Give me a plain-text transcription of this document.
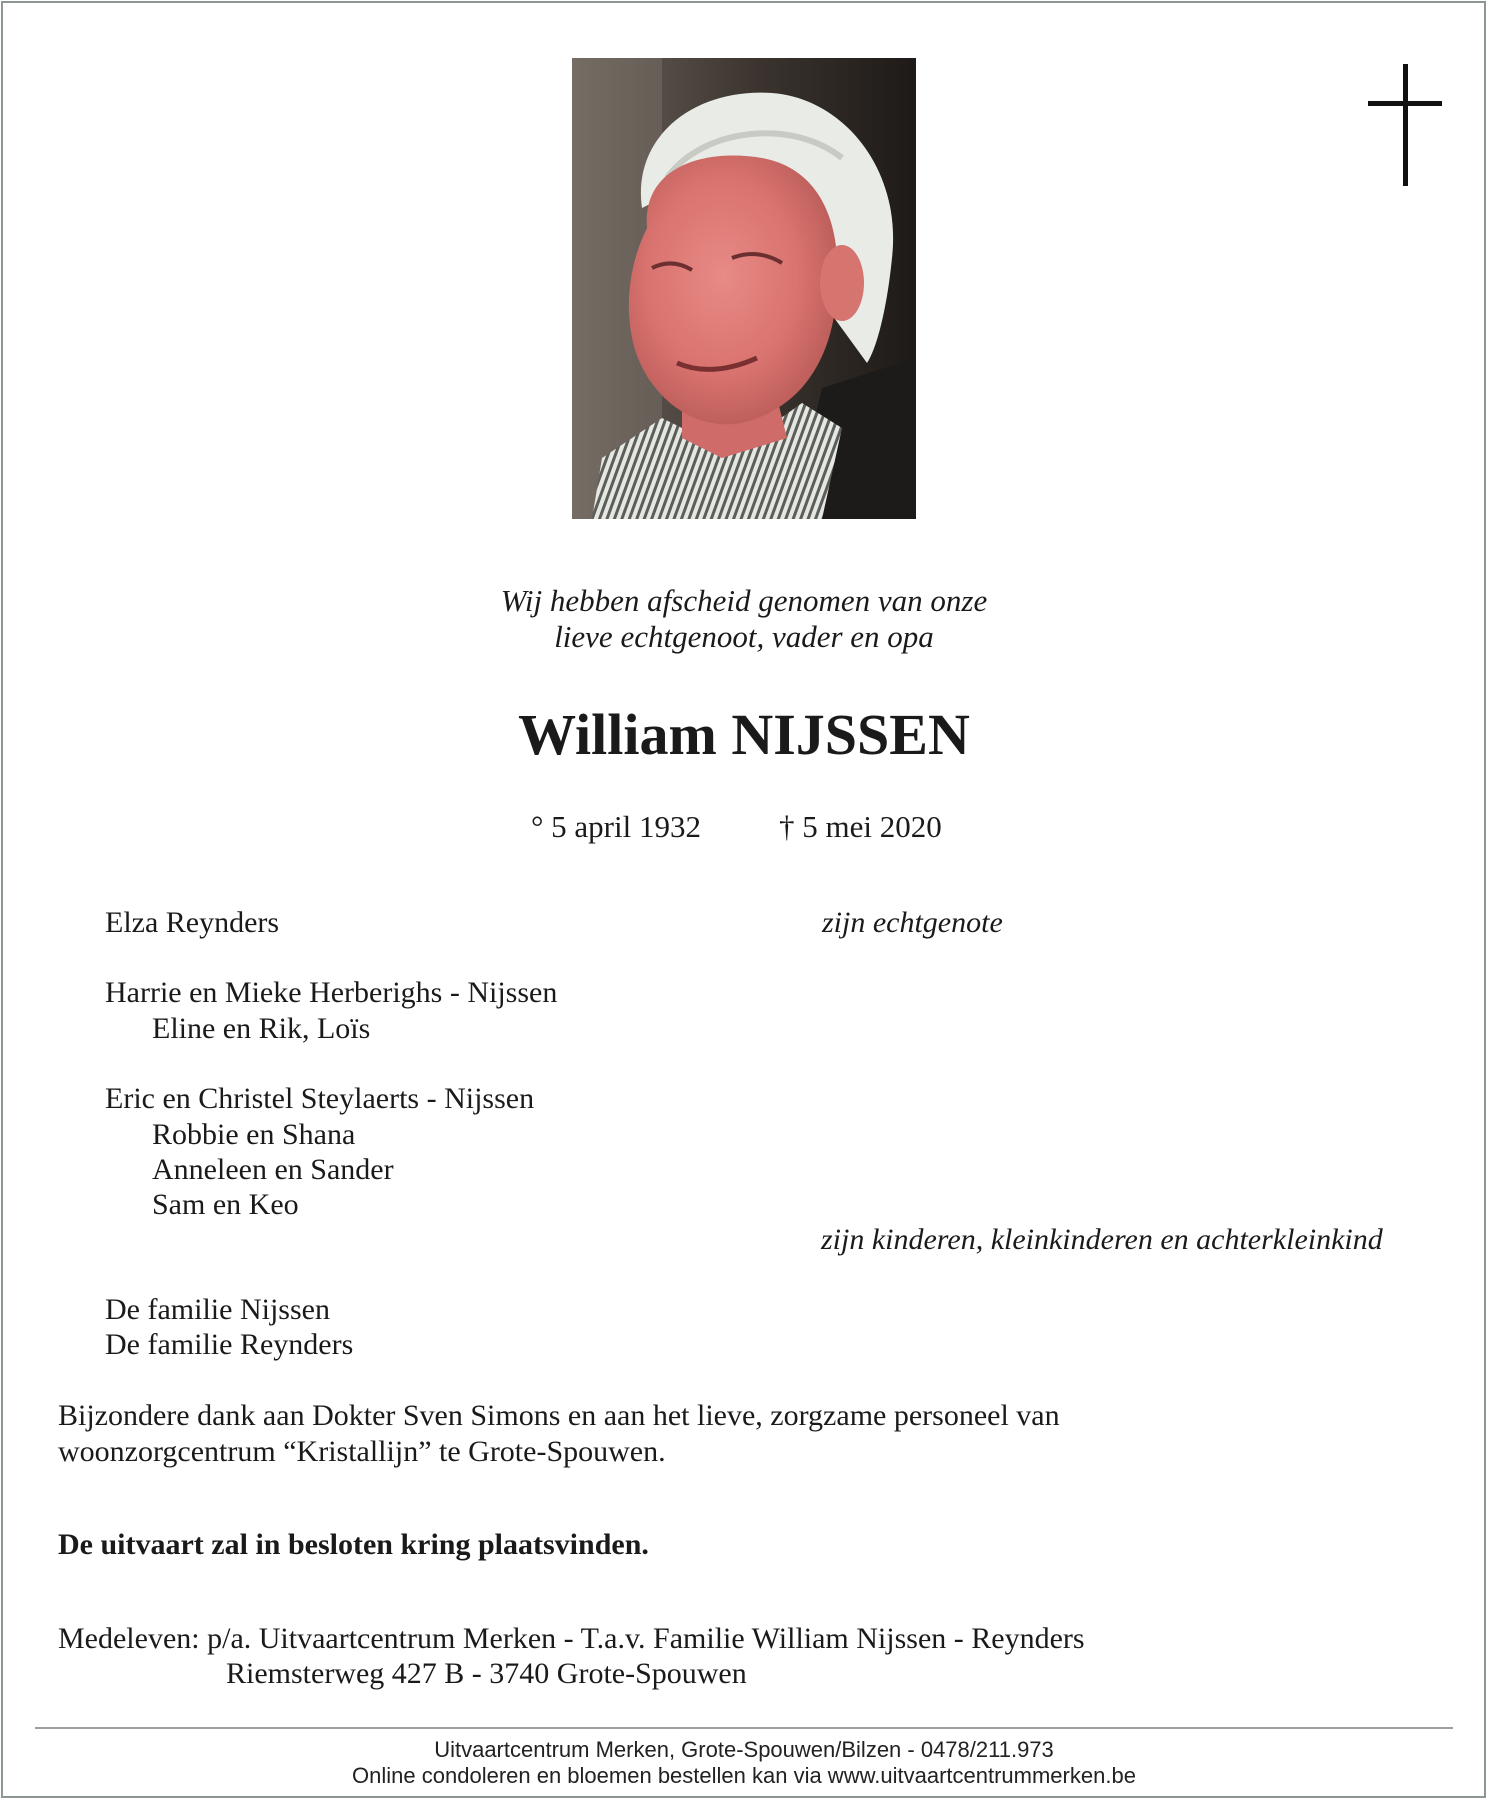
Wij hebben afscheid genomen van onze
lieve echtgenoot, vader en opa
William NIJSSEN
° 5 april 1932	† 5 mei 2020
Elza Reynders	zijn echtgenote
Harrie en Mieke Herberighs - Nijssen
Eline en Rik, Loïs
Eric en Christel Steylaerts - Nijssen
Robbie en Shana
Anneleen en Sander
Sam en Keo
zijn kinderen, kleinkinderen en achterkleinkind
De familie Nijssen
De familie Reynders
Bijzondere dank aan Dokter Sven Simons en aan het lieve, zorgzame personeel van
woonzorgcentrum “Kristallijn” te Grote-Spouwen.
De uitvaart zal in besloten kring plaatsvinden.
Medeleven: p/a. Uitvaartcentrum Merken - T.a.v. Familie William Nijssen - Reynders
Riemsterweg 427 B - 3740 Grote-Spouwen
Uitvaartcentrum Merken, Grote-Spouwen/Bilzen - 0478/211.973
Online condoleren en bloemen bestellen kan via www.uitvaartcentrummerken.be
